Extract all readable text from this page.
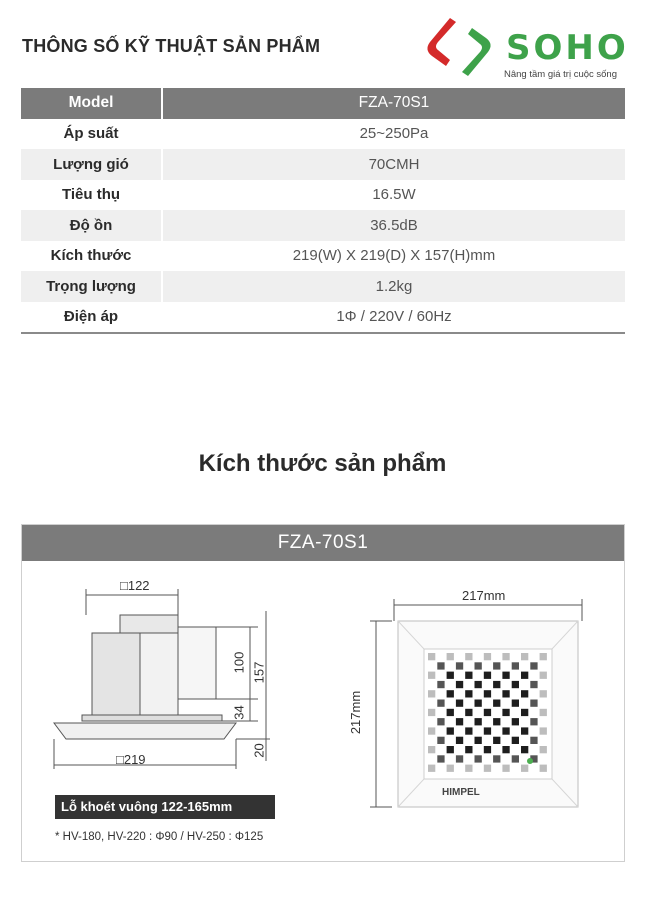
THÔNG SỐ KỸ THUẬT SẢN PHẨM	SOHO
Nâng tầm giá trị cuộc sống
Model	FZA-70S1
Áp suất	25~250Pa
Lượng gió	70CMH
Tiêu thụ	16.5W
Độ ồn	36.5dB
Kích thước	219(W) X 219(D) X 157(H)mm
Trọng lượng	1.2kg
Điện áp	1Φ / 220V / 60Hz
Kích thước sản phẩm
FZA-70S1
HIMPEL
□122
100 157
34
20
□219
217mm
217mm
Lỗ khoét vuông 122-165mm
* HV-180, HV-220 : Φ90 / HV-250 : Φ125
